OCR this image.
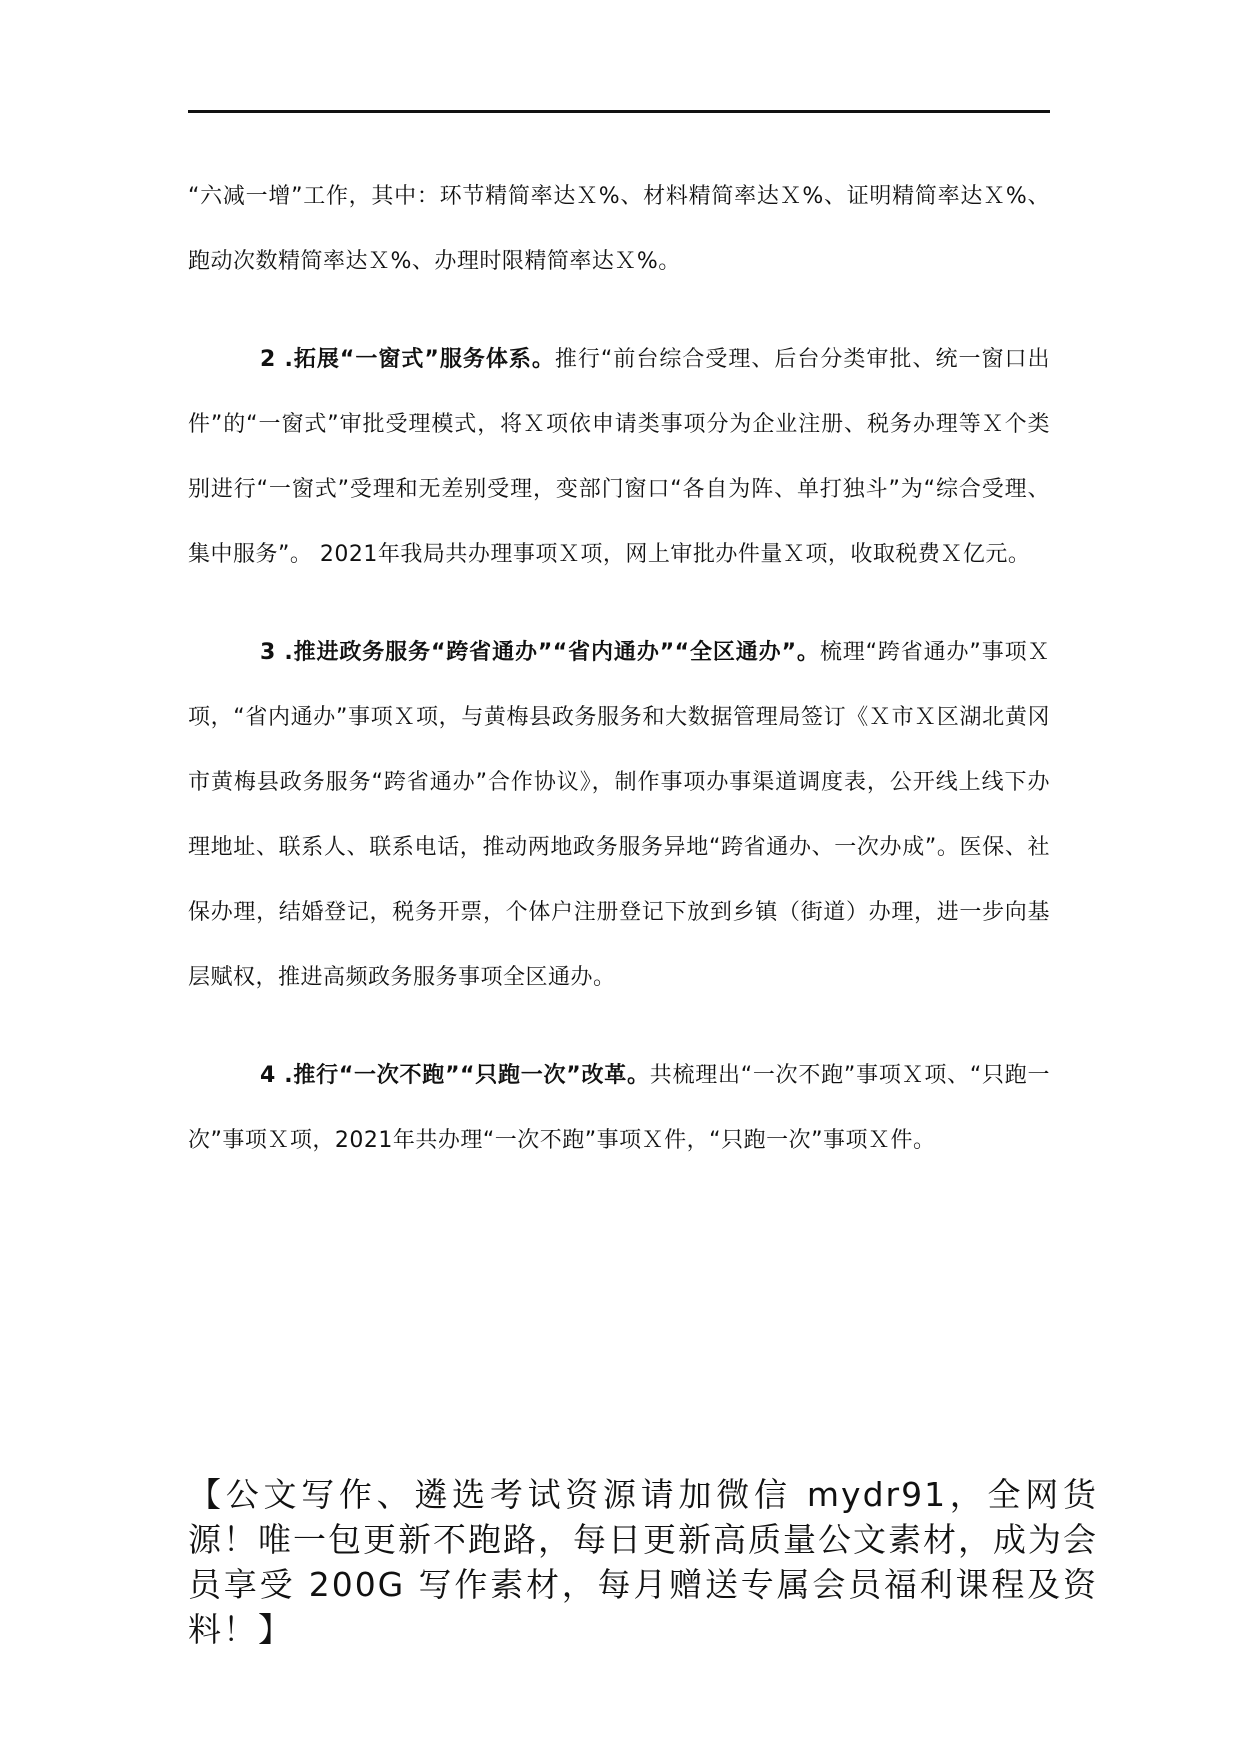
“六减一增”工作，其中：环节精简率达Ｘ%、材料精简率达Ｘ%、证明精简率达Ｘ%、跑动次数精简率达Ｘ%、办理时限精简率达Ｘ%。

2 .拓展“一窗式”服务体系。推行“前台综合受理、后台分类审批、统一窗口出件”的“一窗式”审批受理模式，将Ｘ项依申请类事项分为企业注册、税务办理等Ｘ个类别进行“一窗式”受理和无差别受理，变部门窗口“各自为阵、单打独斗”为“综合受理、集中服务”。 2021年我局共办理事项Ｘ项，网上审批办件量Ｘ项，收取税费Ｘ亿元。

3 .推进政务服务“跨省通办”“省内通办”“全区通办”。梳理“跨省通办”事项Ｘ项，“省内通办”事项Ｘ项，与黄梅县政务服务和大数据管理局签订《Ｘ市Ｘ区湖北黄冈市黄梅县政务服务“跨省通办”合作协议》，制作事项办事渠道调度表，公开线上线下办理地址、联系人、联系电话，推动两地政务服务异地“跨省通办、一次办成”。医保、社保办理，结婚登记，税务开票，个体户注册登记下放到乡镇（街道）办理，进一步向基层赋权，推进高频政务服务事项全区通办。

4 .推行“一次不跑”“只跑一次”改革。共梳理出“一次不跑”事项Ｘ项、“只跑一次”事项Ｘ项，2021年共办理“一次不跑”事项Ｘ件，“只跑一次”事项Ｘ件。

【公文写作、遴选考试资源请加微信 mydr91，全网货源！唯一包更新不跑路，每日更新高质量公文素材，成为会员享受 200G 写作素材，每月赠送专属会员福利课程及资料！】
